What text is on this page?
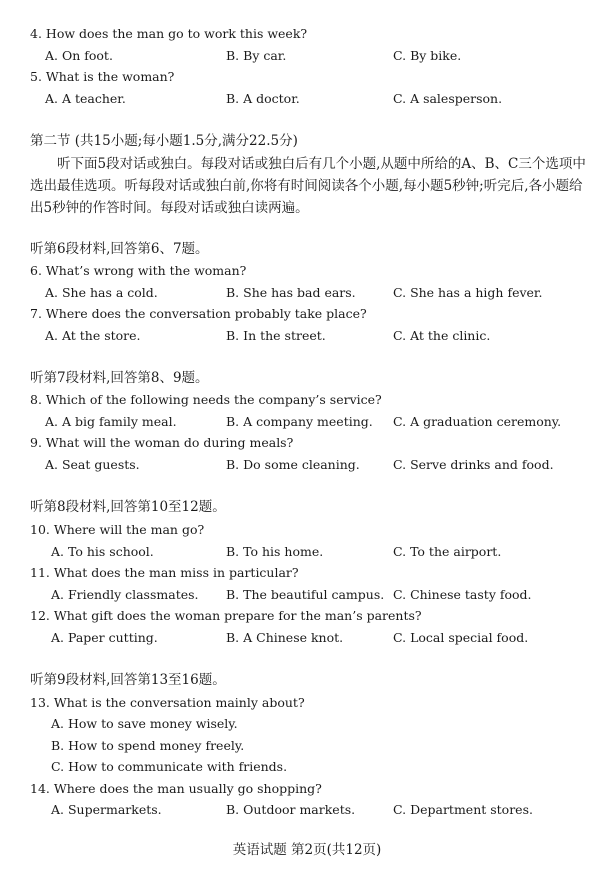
4. How does the man go to work this week?
A. On foot.	B. By car.	C. By bike.
5. What is the woman?
A. A teacher.	B. A doctor.	C. A salesperson.
第二节 (共15小题;每小题1.5分,满分22.5分)
听下面5段对话或独白。每段对话或独白后有几个小题,从题中所给的A、B、C三个选项中选出最佳选项。听每段对话或独白前,你将有时间阅读各个小题,每小题5秒钟;听完后,各小题给出5秒钟的作答时间。每段对话或独白读两遍。
听第6段材料,回答第6、7题。
6. What’s wrong with the woman?
A. She has a cold.	B. She has bad ears.	C. She has a high fever.
7. Where does the conversation probably take place?
A. At the store.	B. In the street.	C. At the clinic.
听第7段材料,回答第8、9题。
8. Which of the following needs the company’s service?
A. A big family meal.	B. A company meeting. C. A graduation ceremony.
9. What will the woman do during meals?
A. Seat guests.	B. Do some cleaning.	C. Serve drinks and food.
听第8段材料,回答第10至12题。
10. Where will the man go?
A. To his school.	B. To his home.	C. To the airport.
11. What does the man miss in particular?
A. Friendly classmates. B. The beautiful campus. C. Chinese tasty food.
12. What gift does the woman prepare for the man’s parents?
A. Paper cutting.	B. A Chinese knot.	C. Local special food.
听第9段材料,回答第13至16题。
13. What is the conversation mainly about?
A. How to save money wisely.
B. How to spend money freely.
C. How to communicate with friends.
14. Where does the man usually go shopping?
A. Supermarkets.	B. Outdoor markets.	C. Department stores.
英语试题 第2页(共12页)
